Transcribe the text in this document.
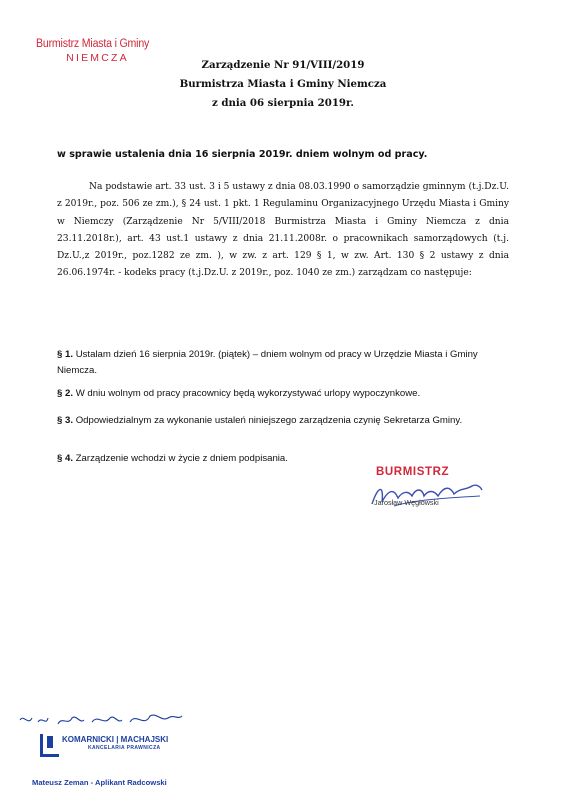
Burmistrz Miasta i Gminy
NIEMCZA
Zarządzenie Nr 91/VIII/2019
Burmistrza Miasta i Gminy Niemcza
z dnia 06 sierpnia 2019r.
w sprawie ustalenia dnia 16 sierpnia 2019r. dniem wolnym od pracy.
Na podstawie art. 33 ust. 3 i 5 ustawy z dnia 08.03.1990 o samorządzie gminnym (t.j.Dz.U. z 2019r., poz. 506 ze zm.), § 24 ust. 1 pkt. 1 Regulaminu Organizacyjnego Urzędu Miasta i Gminy w Niemczy (Zarządzenie Nr 5/VIII/2018 Burmistrza Miasta i Gminy Niemcza z dnia 23.11.2018r.), art. 43 ust.1 ustawy z dnia 21.11.2008r. o pracownikach samorządowych (t.j. Dz.U.,z 2019r., poz.1282 ze zm. ), w zw. z art. 129 § 1, w zw. Art. 130 § 2 ustawy z dnia 26.06.1974r. - kodeks pracy (t.j.Dz.U. z 2019r., poz. 1040 ze zm.) zarządzam co następuje:
§ 1. Ustalam dzień 16 sierpnia 2019r. (piątek) – dniem wolnym od pracy w Urzędzie Miasta i Gminy Niemcza.
§ 2. W dniu wolnym od pracy pracownicy będą wykorzystywać urlopy wypoczynkowe.
§ 3. Odpowiedzialnym za wykonanie ustaleń niniejszego zarządzenia czynię Sekretarza Gminy.
§ 4. Zarządzenie wchodzi w życie z dniem podpisania.
BURMISTRZ
Jarosław Węgłowski
KOMARNICKI | MACHAJSKI
KANCELARIA PRAWNICZA
Mateusz Zeman - Aplikant Radcowski
